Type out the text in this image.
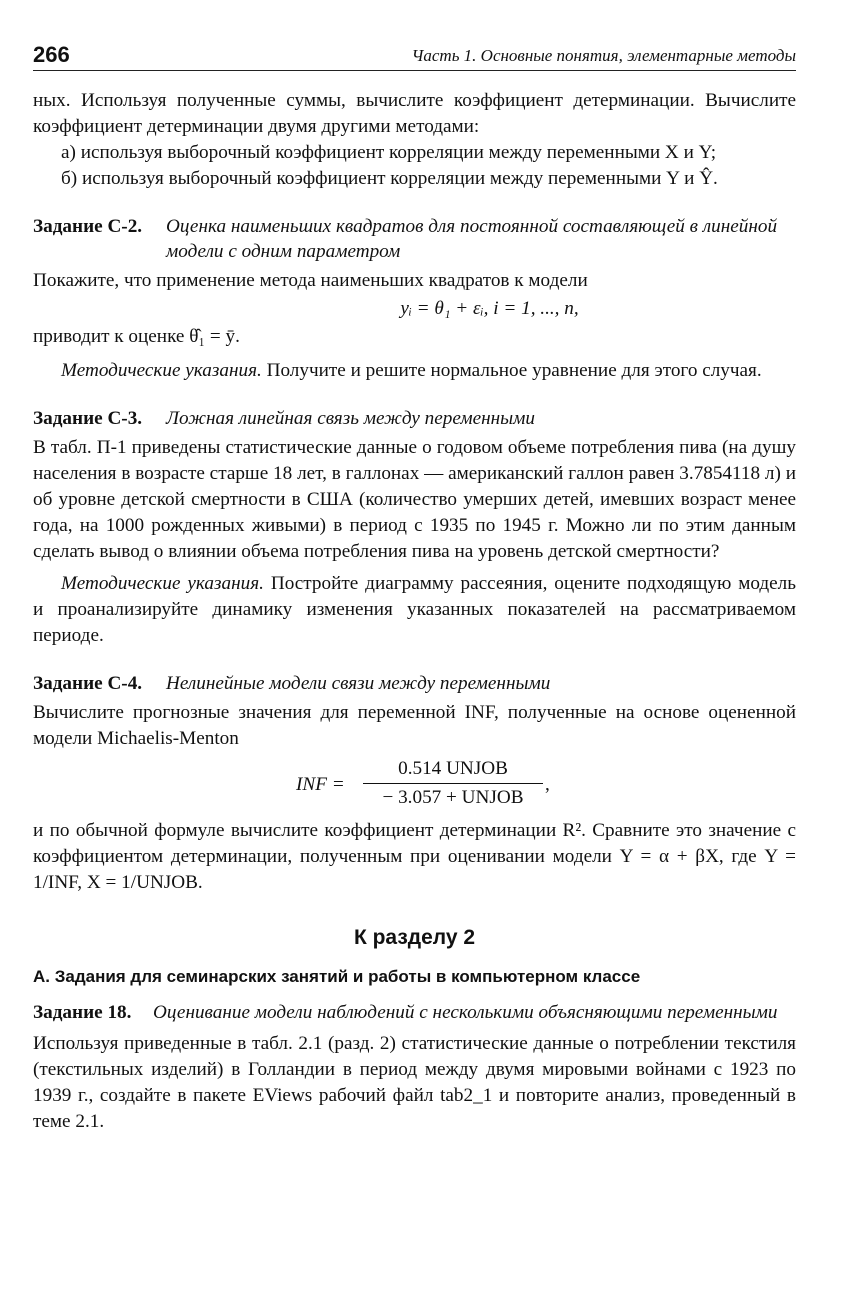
266	Часть 1. Основные понятия, элементарные методы

ных. Используя полученные суммы, вычислите коэффициент детерминации. Вычислите коэффициент детерминации двумя другими методами:

а) используя выборочный коэффициент корреляции между переменными X и Y;

б) используя выборочный коэффициент корреляции между переменными Y и Ŷ.

Задание С-2. Оценка наименьших квадратов для постоянной составляющей в линейной модели с одним параметром

Покажите, что применение метода наименьших квадратов к модели

yᵢ = θ₁ + εᵢ, i = 1, ..., n,

приводит к оценке θ̂₁ = ȳ.

Методические указания. Получите и решите нормальное уравнение для этого случая.

Задание С-3. Ложная линейная связь между переменными

В табл. П-1 приведены статистические данные о годовом объеме потребления пива (на душу населения в возрасте старше 18 лет, в галлонах — американский галлон равен 3.7854118 л) и об уровне детской смертности в США (количество умерших детей, имевших возраст менее года, на 1000 рожденных живыми) в период с 1935 по 1945 г. Можно ли по этим данным сделать вывод о влиянии объема потребления пива на уровень детской смертности?

Методические указания. Постройте диаграмму рассеяния, оцените подходящую модель и проанализируйте динамику изменения указанных показателей на рассматриваемом периоде.

Задание С-4. Нелинейные модели связи между переменными

Вычислите прогнозные значения для переменной INF, полученные на основе оцененной модели Michaelis-Menton

INF =
0.514 UNJOB
− 3.057 + UNJOB
,

и по обычной формуле вычислите коэффициент детерминации R². Сравните это значение с коэффициентом детерминации, полученным при оценивании модели Y = α + βX, где Y = 1/INF, X = 1/UNJOB.

К разделу 2
А. Задания для семинарских занятий и работы в компьютерном классе
Задание 18. Оценивание модели наблюдений с несколькими объясняющими переменными

Используя приведенные в табл. 2.1 (разд. 2) статистические данные о потреблении текстиля (текстильных изделий) в Голландии в период между двумя мировыми войнами с 1923 по 1939 г., создайте в пакете EViews рабочий файл tab2_1 и повторите анализ, проведенный в теме 2.1.
